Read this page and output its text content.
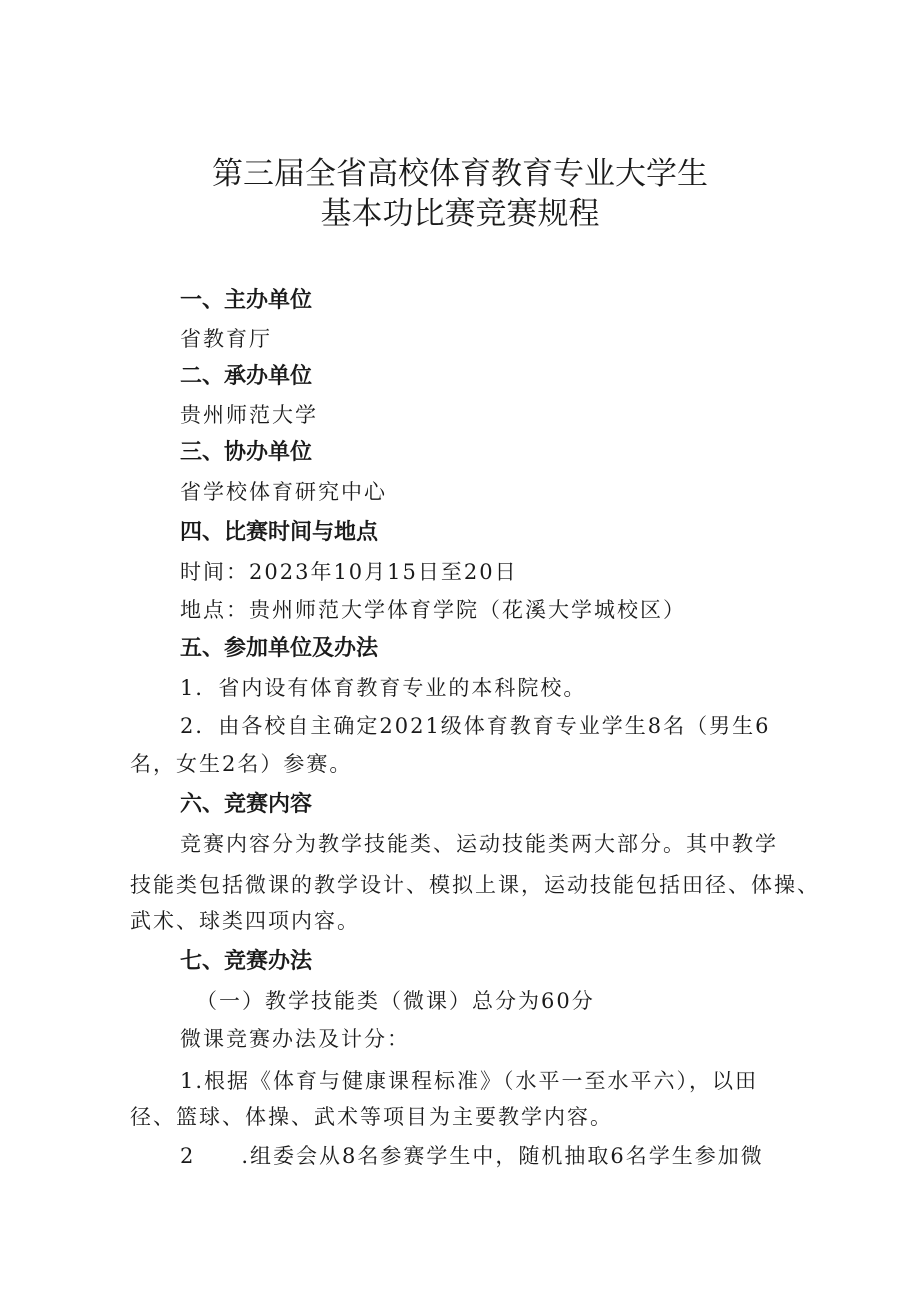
第三届全省高校体育教育专业大学生
基本功比赛竞赛规程
一、主办单位
省教育厅
二、承办单位
贵州师范大学
三、协办单位
省学校体育研究中心
四、比赛时间与地点
时间：2023年10月15日至20日
地点：贵州师范大学体育学院（花溪大学城校区）
五、参加单位及办法
1．省内设有体育教育专业的本科院校。
2．由各校自主确定2021级体育教育专业学生8名（男生6
名，女生2名）参赛。
六、竞赛内容
竞赛内容分为教学技能类、运动技能类两大部分。其中教学
技能类包括微课的教学设计、模拟上课，运动技能包括田径、体操、
武术、球类四项内容。
七、竞赛办法
（一）教学技能类（微课）总分为60分
微课竞赛办法及计分：
1.根据《体育与健康课程标准》（水平一至水平六），以田
径、篮球、体操、武术等项目为主要教学内容。
2　　.组委会从8名参赛学生中，随机抽取6名学生参加微
